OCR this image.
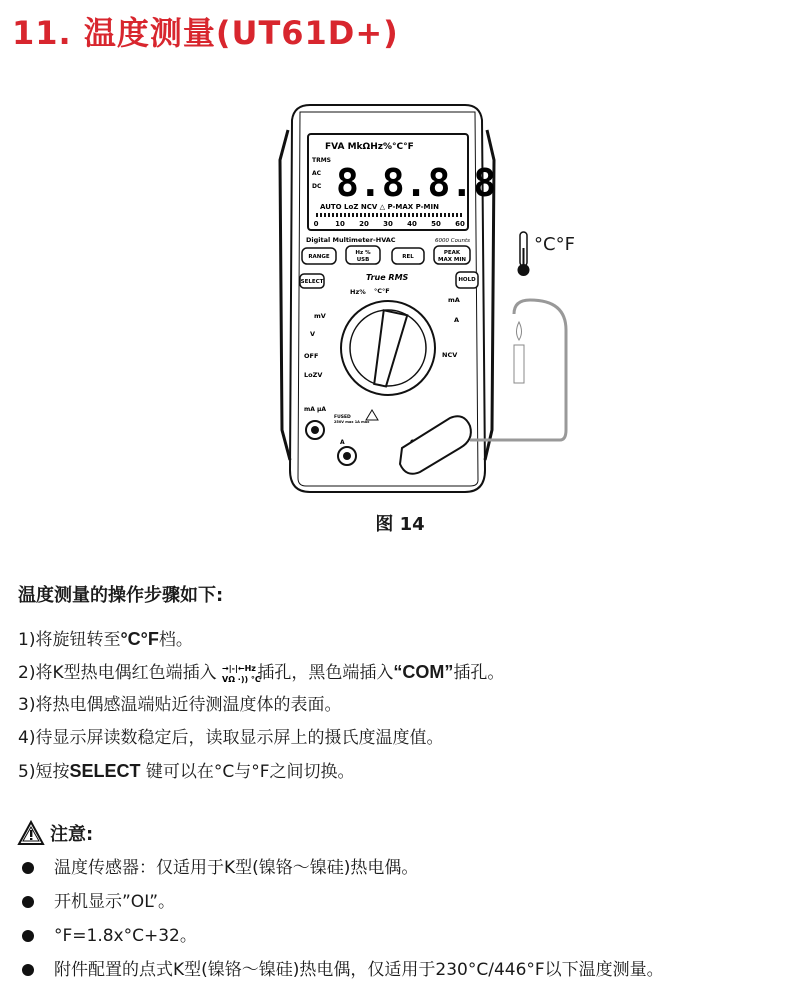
11. 温度测量(UT61D+)
FVA MkΩHz%°C°F
TRMS
AC
DC 8.8.8.8
AUTO LoZ NCV △ P-MAX P-MIN
0 10 20 30 40 50 60
Digital Multimeter-HVAC	6000 Counts
RANGE
Hz %
USB	REL
PEAK
MAX MIN
SELECT	HOLD
True RMS
mV
V
OFF
LoZV
mA
A
NCV
Hz% °C°F
mA μA
A
FUSED
250V max 1A max
°C°F
图 14
温度测量的操作步骤如下:
1)将旋钮转至°C°F档。
2)将K型热电偶红色端插入 →|-|←Hz
VΩ ·)) °C
插孔，黑色端插入“COM”插孔。
3)将热电偶感温端贴近待测温度体的表面。
4)待显示屏读数稳定后，读取显示屏上的摄氏度温度值。
5)短按SELECT 键可以在°C与°F之间切换。
注意:
温度传感器：仅适用于K型(镍铬～镍硅)热电偶。
开机显示”OL”。
°F=1.8x°C+32。
附件配置的点式K型(镍铬～镍硅)热电偶，仅适用于230°C/446°F以下温度测量。
